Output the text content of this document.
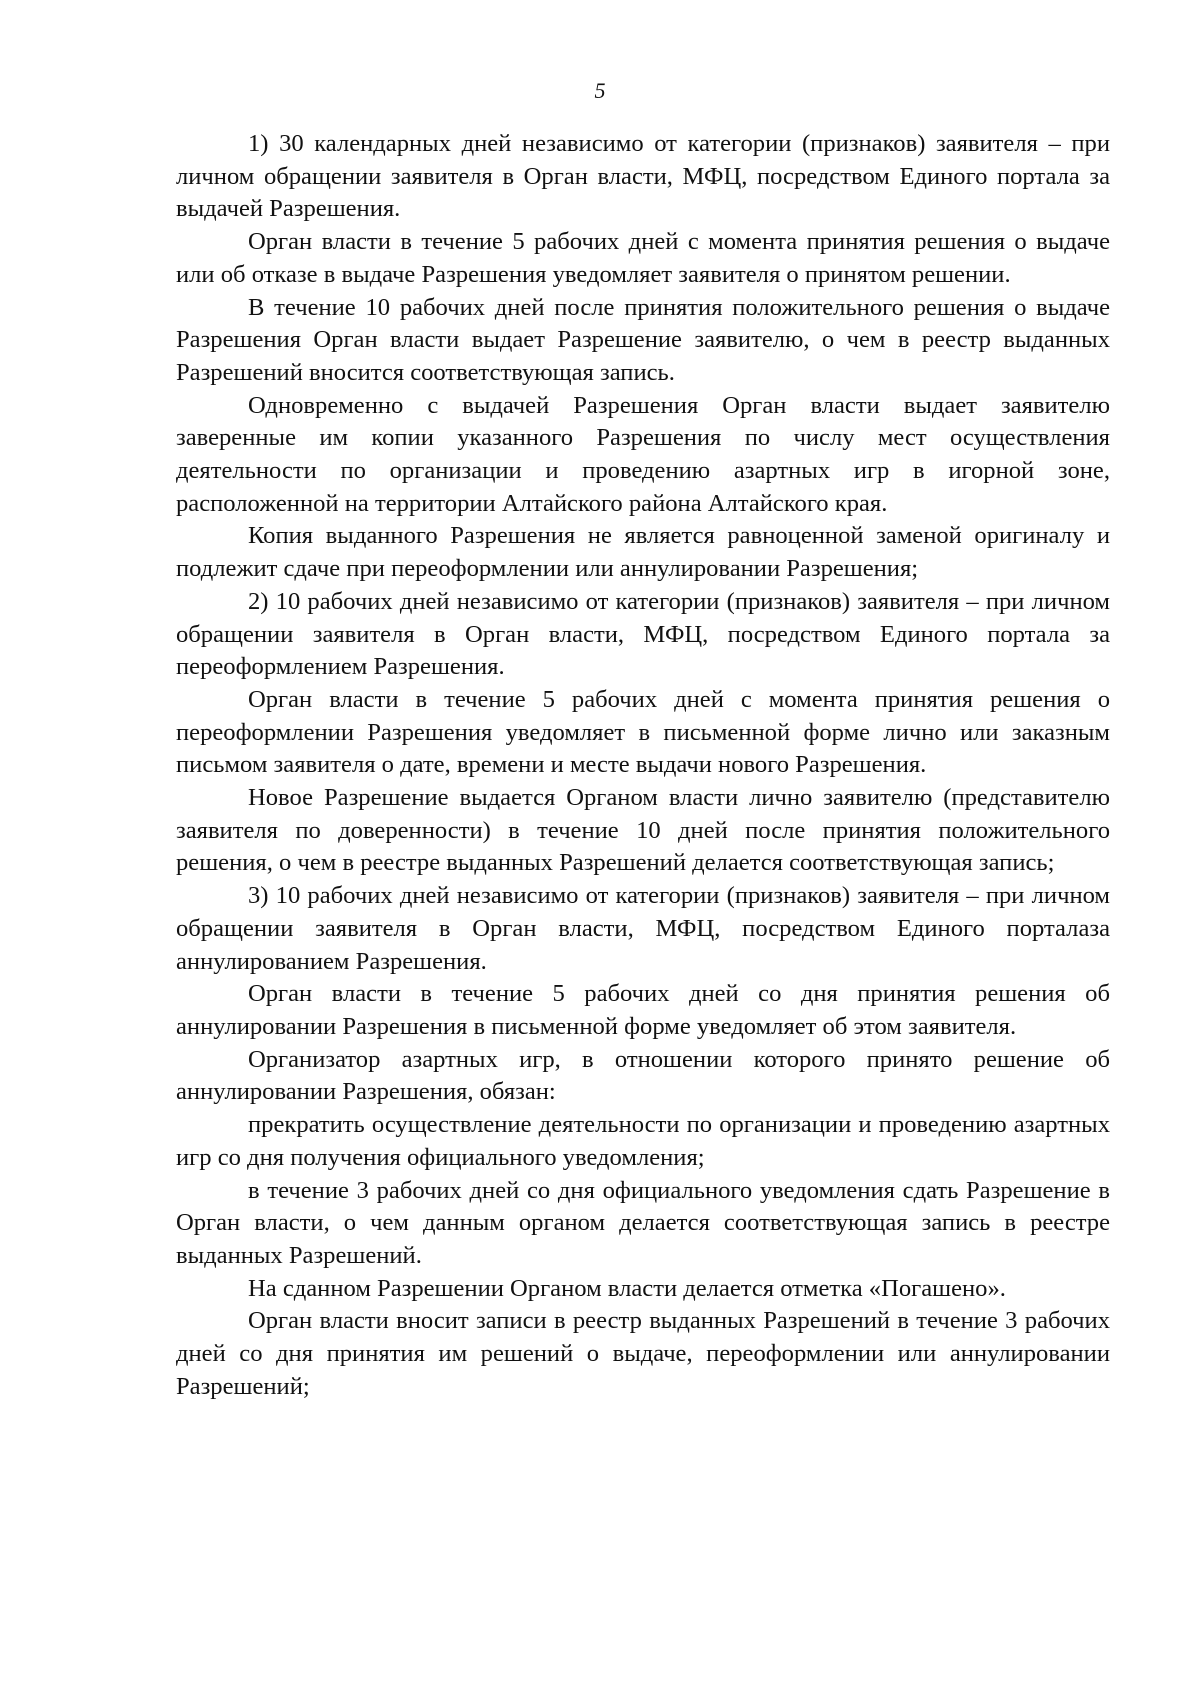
5

1) 30 календарных дней независимо от категории (признаков) заявителя – при личном обращении заявителя в Орган власти, МФЦ, посредством Единого портала за выдачей Разрешения.

Орган власти в течение 5 рабочих дней с момента принятия решения о выдаче или об отказе в выдаче Разрешения уведомляет заявителя о принятом решении.

В течение 10 рабочих дней после принятия положительного решения о выдаче Разрешения Орган власти выдает Разрешение заявителю, о чем в реестр выданных Разрешений вносится соответствующая запись.

Одновременно с выдачей Разрешения Орган власти выдает заявителю заверенные им копии указанного Разрешения по числу мест осуществления деятельности по организации и проведению азартных игр в игорной зоне, расположенной на территории Алтайского района Алтайского края.

Копия выданного Разрешения не является равноценной заменой оригиналу и подлежит сдаче при переоформлении или аннулировании Разрешения;

2) 10 рабочих дней независимо от категории (признаков) заявителя – при личном обращении заявителя в Орган власти, МФЦ, посредством Единого портала за переоформлением Разрешения.

Орган власти в течение 5 рабочих дней с момента принятия решения о переоформлении Разрешения уведомляет в письменной форме лично или заказным письмом заявителя о дате, времени и месте выдачи нового Разрешения.

Новое Разрешение выдается Органом власти лично заявителю (представителю заявителя по доверенности) в течение 10 дней после принятия положительного решения, о чем в реестре выданных Разрешений делается соответствующая запись;

3) 10 рабочих дней независимо от категории (признаков) заявителя – при личном обращении заявителя в Орган власти, МФЦ, посредством Единого порталаза аннулированием Разрешения.

Орган власти в течение 5 рабочих дней со дня принятия решения об аннулировании Разрешения в письменной форме уведомляет об этом заявителя.

Организатор азартных игр, в отношении которого принято решение об аннулировании Разрешения, обязан:

прекратить осуществление деятельности по организации и проведению азартных игр со дня получения официального уведомления;

в течение 3 рабочих дней со дня официального уведомления сдать Разрешение в Орган власти, о чем данным органом делается соответствующая запись в реестре выданных Разрешений.

На сданном Разрешении Органом власти делается отметка «Погашено».

Орган власти вносит записи в реестр выданных Разрешений в течение 3 рабочих дней со дня принятия им решений о выдаче, переоформлении или аннулировании Разрешений;
